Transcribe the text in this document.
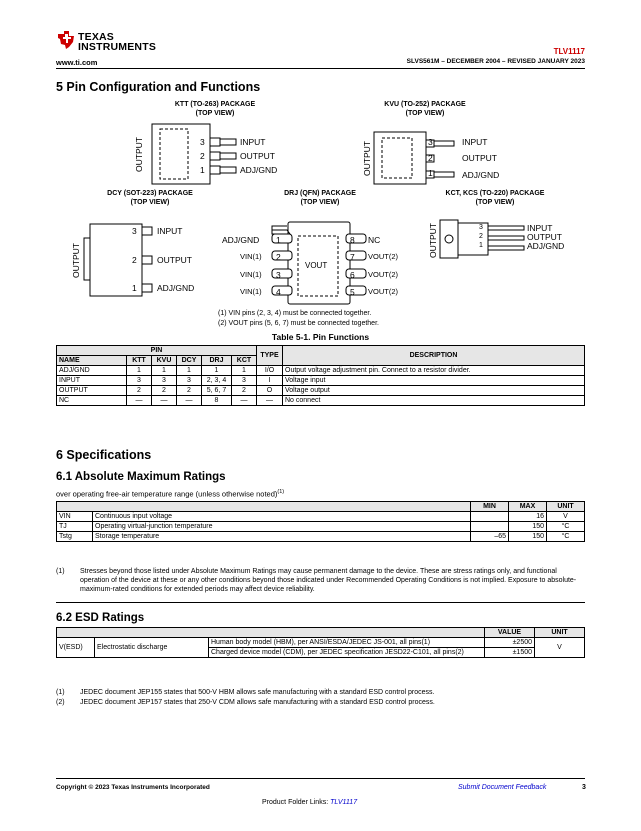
TEXAS
INSTRUMENTS
www.ti.com
TLV1117
SLVS561M – DECEMBER 2004 – REVISED JANUARY 2023
5 Pin Configuration and Functions
KTT (TO-263) PACKAGE
(TOP VIEW)
OUTPUT	3
2
1
INPUT
OUTPUT
ADJ/GND
KVU (TO-252) PACKAGE
(TOP VIEW)
OUTPUT	3
2
1
INPUT
OUTPUT
ADJ/GND
DCY (SOT-223) PACKAGE
(TOP VIEW)
OUTPUT
3
2
1
INPUT
OUTPUT
ADJ/GND
DRJ (QFN) PACKAGE
(TOP VIEW)
1
2
3
4
8
7
6
5
ADJ/GND
VIN(1)
VIN(1)
VIN(1)
NC
VOUT(2)
VOUT(2)
VOUT(2)
VOUT
KCT, KCS (TO-220) PACKAGE
(TOP VIEW)
OUTPUT	3
2
1
INPUT
OUTPUT
ADJ/GND
(1) VIN pins (2, 3, 4) must be connected together.
(2) VOUT pins (5, 6, 7) must be connected together.
Table 5-1. Pin Functions
PIN						TYPE	DESCRIPTION
NAME	KTT	KVU	DCY	DRJ	KCT		
ADJ/GND	1	1	1	1	1	I/O	Output voltage adjustment pin. Connect to a resistor divider.
INPUT	3	3	3	2, 3, 4	3	I	Voltage input
OUTPUT	2	2	2	5, 6, 7	2	O	Voltage output
NC	—	—	—	8	—	—	No connect
6 Specifications
6.1 Absolute Maximum Ratings
over operating free-air temperature range (unless otherwise noted)$^{(1)}$
		MIN	MAX	UNIT
VIN	Continuous input voltage		16	V
TJ	Operating virtual-junction temperature		150	°C
Tstg	Storage temperature	–65	150	°C
(1) Stresses beyond those listed under Absolute Maximum Ratings may cause permanent damage to the device. These are stress ratings only, and functional operation of the device at these or any other conditions beyond those indicated under Recommended Operating Conditions is not implied. Exposure to absolute-maximum-rated conditions for extended periods may affect device reliability.
6.2 ESD Ratings
			VALUE	UNIT
V(ESD)	Electrostatic discharge	Human body model (HBM), per ANSI/ESDA/JEDEC JS-001, all pins(1)	±2500	V
		Charged device model (CDM), per JEDEC specification JESD22-C101, all pins(2)	±1500	
(1) JEDEC document JEP155 states that 500-V HBM allows safe manufacturing with a standard ESD control process.
(2) JEDEC document JEP157 states that 250-V CDM allows safe manufacturing with a standard ESD control process.
Copyright © 2023 Texas Instruments Incorporated	Submit Document Feedback	3
Product Folder Links: TLV1117
